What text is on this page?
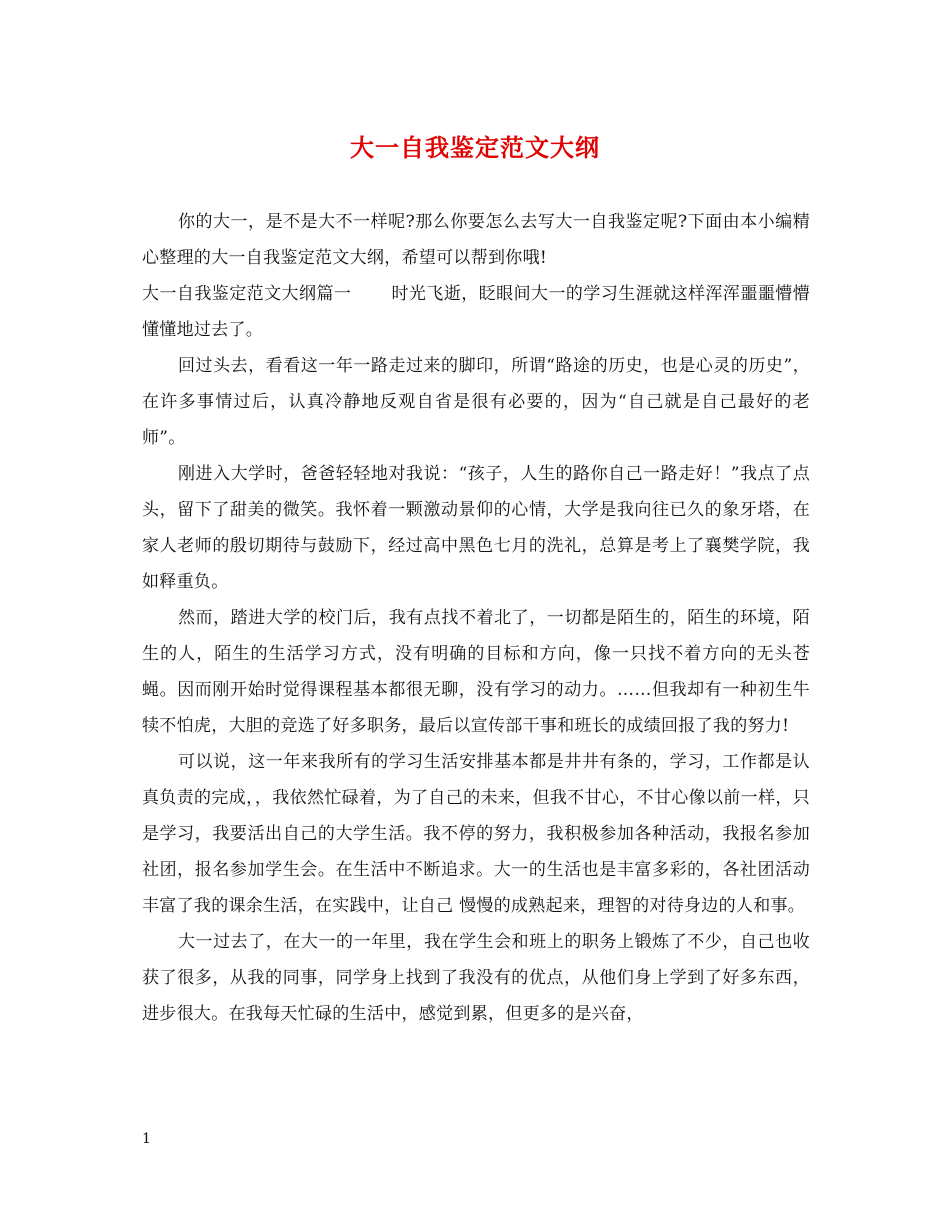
大一自我鉴定范文大纲

你的大一，是不是大不一样呢?那么你要怎么去写大一自我鉴定呢?下面由本小编精心整理的大一自我鉴定范文大纲，希望可以帮到你哦!

大一自我鉴定范文大纲篇一 时光飞逝，眨眼间大一的学习生涯就这样浑浑噩噩懵懵懂懂地过去了。

回过头去，看看这一年一路走过来的脚印，所谓“路途的历史，也是心灵的历史”，在许多事情过后，认真冷静地反观自省是很有必要的，因为“自己就是自己最好的老师”。

刚进入大学时，爸爸轻轻地对我说：“孩子，人生的路你自己一路走好！”我点了点头，留下了甜美的微笑。我怀着一颗激动景仰的心情，大学是我向往已久的象牙塔，在家人老师的殷切期待与鼓励下，经过高中黑色七月的洗礼，总算是考上了襄樊学院，我如释重负。

然而，踏进大学的校门后，我有点找不着北了，一切都是陌生的，陌生的环境，陌生的人，陌生的生活学习方式，没有明确的目标和方向，像一只找不着方向的无头苍蝇。因而刚开始时觉得课程基本都很无聊，没有学习的动力。……但我却有一种初生牛犊不怕虎，大胆的竞选了好多职务，最后以宣传部干事和班长的成绩回报了我的努力!

可以说，这一年来我所有的学习生活安排基本都是井井有条的，学习，工作都是认真负责的完成，，我依然忙碌着，为了自己的未来，但我不甘心，不甘心像以前一样，只是学习，我要活出自己的大学生活。我不停的努力，我积极参加各种活动，我报名参加社团，报名参加学生会。在生活中不断追求。大一的生活也是丰富多彩的，各社团活动丰富了我的课余生活，在实践中，让自己 慢慢的成熟起来，理智的对待身边的人和事。

大一过去了，在大一的一年里，我在学生会和班上的职务上锻炼了不少，自己也收获了很多，从我的同事，同学身上找到了我没有的优点，从他们身上学到了好多东西，进步很大。在我每天忙碌的生活中，感觉到累，但更多的是兴奋，

1
